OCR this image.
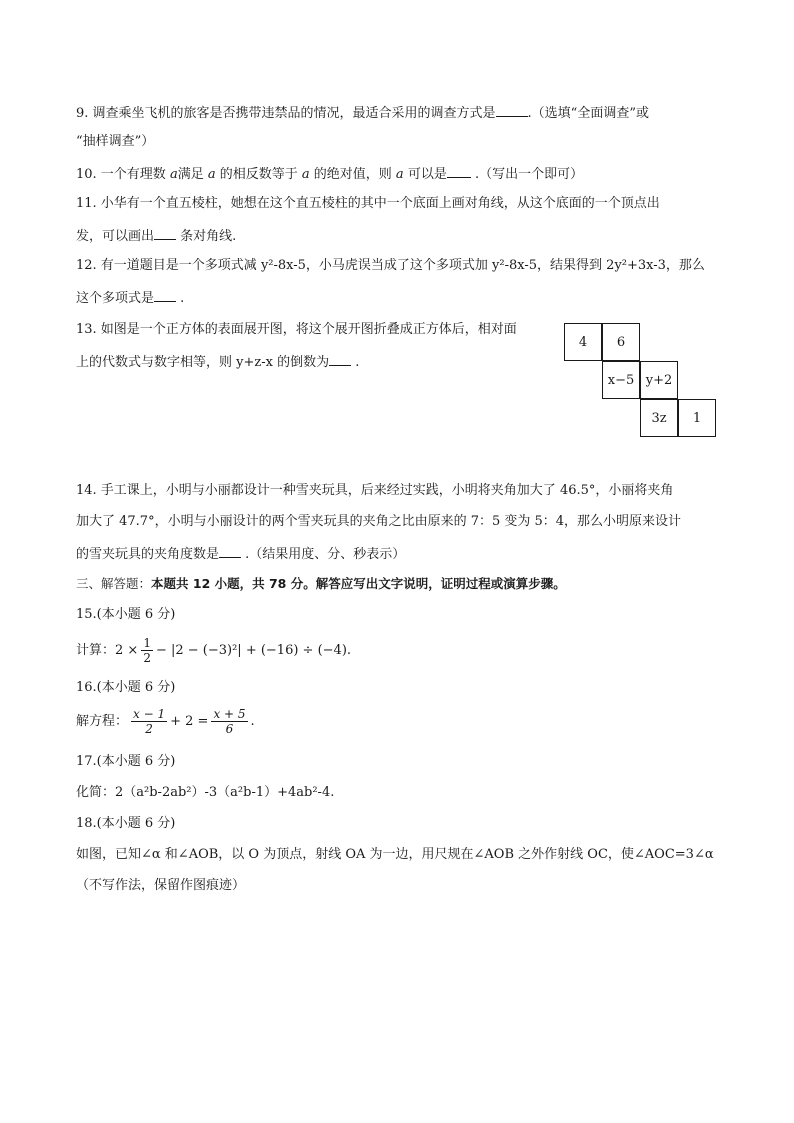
9. 调查乘坐飞机的旅客是否携带违禁品的情况，最适合采用的调查方式是 .（选填“全面调查”或
“抽样调查”）
10. 一个有理数 a满足 a 的相反数等于 a 的绝对值，则 a 可以是 .（写出一个即可）
11. 小华有一个直五棱柱，她想在这个直五棱柱的其中一个底面上画对角线，从这个底面的一个顶点出
发，可以画出 条对角线.
12. 有一道题目是一个多项式减 y²-8x-5，小马虎误当成了这个多项式加 y²-8x-5，结果得到 2y²+3x-3，那么
这个多项式是 .
13. 如图是一个正方体的表面展开图，将这个展开图折叠成正方体后，相对面
上的代数式与数字相等，则 y+z-x 的倒数为 .
4	6
x−5 y+2
3z	1
14. 手工课上，小明与小丽都设计一种雪夹玩具，后来经过实践，小明将夹角加大了 46.5°，小丽将夹角
加大了 47.7°，小明与小丽设计的两个雪夹玩具的夹角之比由原来的 7：5 变为 5：4，那么小明原来设计
的雪夹玩具的夹角度数是 .（结果用度、分、秒表示）
三、解答题：本题共 12 小题，共 78 分。解答应写出文字说明，证明过程或演算步骤。
15.(本小题 6 分)
计算：$2 \times \frac{1}{2} - |2 - (-3)^2| + (-16) \div (-4)$.
16.(本小题 6 分)
解方程： $\frac{x - 1}{2} + 2 = \frac{x + 5}{6}$ .
17.(本小题 6 分)
化简：2（a²b-2ab²）-3（a²b-1）+4ab²-4.
18.(本小题 6 分)
如图，已知∠α 和∠AOB，以 O 为顶点，射线 OA 为一边，用尺规在∠AOB 之外作射线 OC，使∠AOC=3∠α
（不写作法，保留作图痕迹）
